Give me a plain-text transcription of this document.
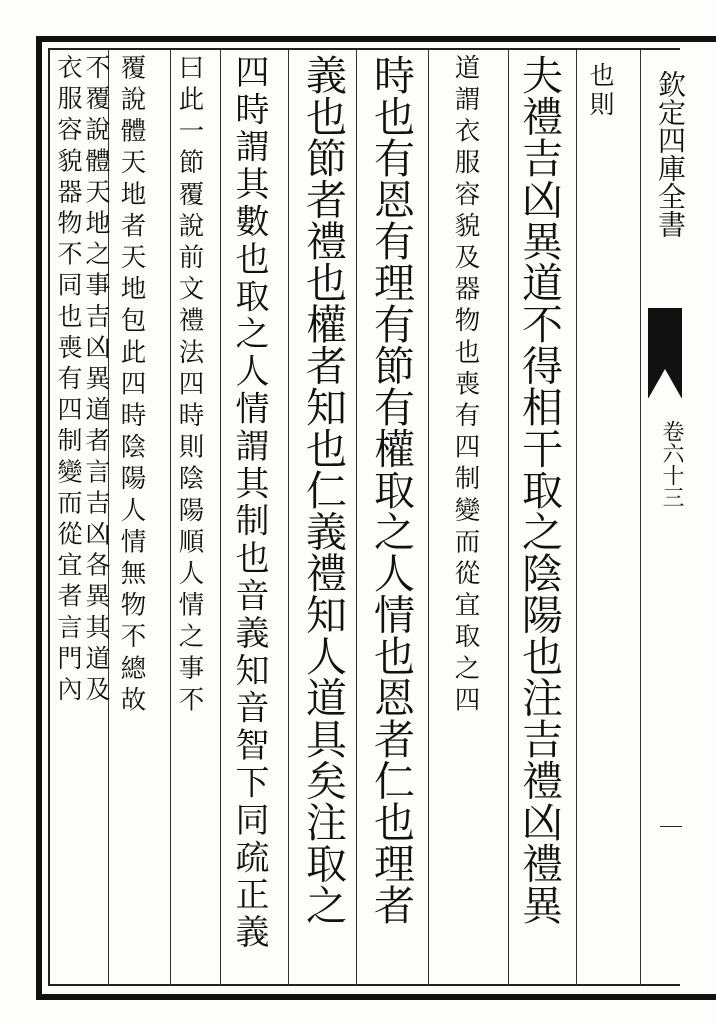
也則
夫禮吉凶異道不得相干取之陰陽也注吉禮凶禮異
道謂衣服容貌及器物也喪有四制變而從宜取之四
時也有恩有理有節有權取之人情也恩者仁也理者
義也節者禮也權者知也仁義禮知人道具矣注取之
四時謂其數也取之人情謂其制也音義知音智下同疏正義
曰此一節覆說前文禮法四時則陰陽順人情之事不
覆說體天地者天地包此四時陰陽人情無物不總故
不覆說體天地之事吉凶異道者言吉凶各異其道及
衣服容貌器物不同也喪有四制變而從宜者言門內	欽定四庫全書
卷六十三
